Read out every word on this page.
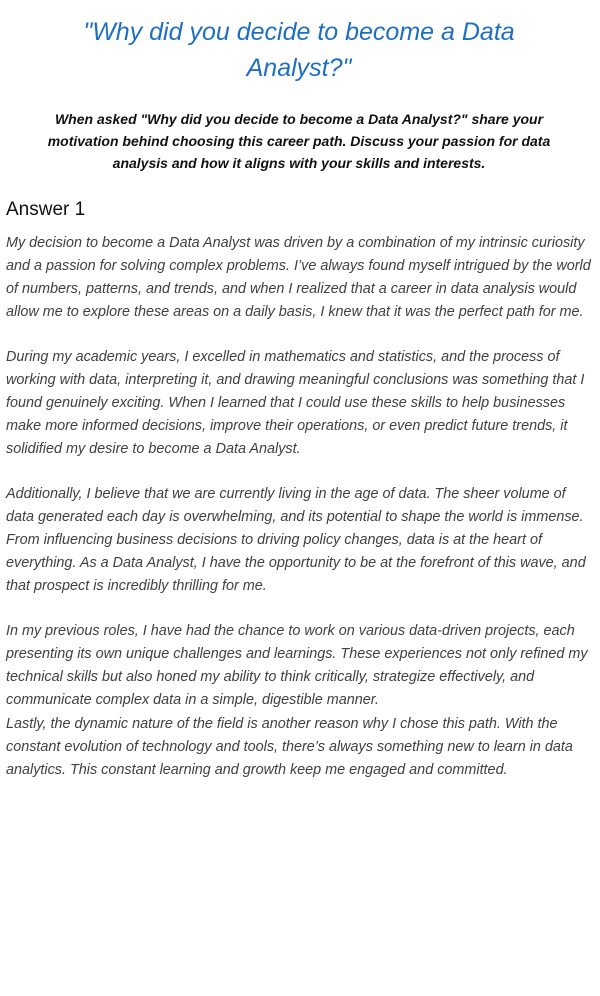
"Why did you decide to become a Data Analyst?"

When asked "Why did you decide to become a Data Analyst?" share your motivation behind choosing this career path. Discuss your passion for data analysis and how it aligns with your skills and interests.

Answer 1

My decision to become a Data Analyst was driven by a combination of my intrinsic curiosity and a passion for solving complex problems. I’ve always found myself intrigued by the world of numbers, patterns, and trends, and when I realized that a career in data analysis would allow me to explore these areas on a daily basis, I knew that it was the perfect path for me.

During my academic years, I excelled in mathematics and statistics, and the process of working with data, interpreting it, and drawing meaningful conclusions was something that I found genuinely exciting. When I learned that I could use these skills to help businesses make more informed decisions, improve their operations, or even predict future trends, it solidified my desire to become a Data Analyst.

Additionally, I believe that we are currently living in the age of data. The sheer volume of data generated each day is overwhelming, and its potential to shape the world is immense. From influencing business decisions to driving policy changes, data is at the heart of everything. As a Data Analyst, I have the opportunity to be at the forefront of this wave, and that prospect is incredibly thrilling for me.

In my previous roles, I have had the chance to work on various data-driven projects, each presenting its own unique challenges and learnings. These experiences not only refined my technical skills but also honed my ability to think critically, strategize effectively, and communicate complex data in a simple, digestible manner.

Lastly, the dynamic nature of the field is another reason why I chose this path. With the constant evolution of technology and tools, there’s always something new to learn in data analytics. This constant learning and growth keep me engaged and committed.
